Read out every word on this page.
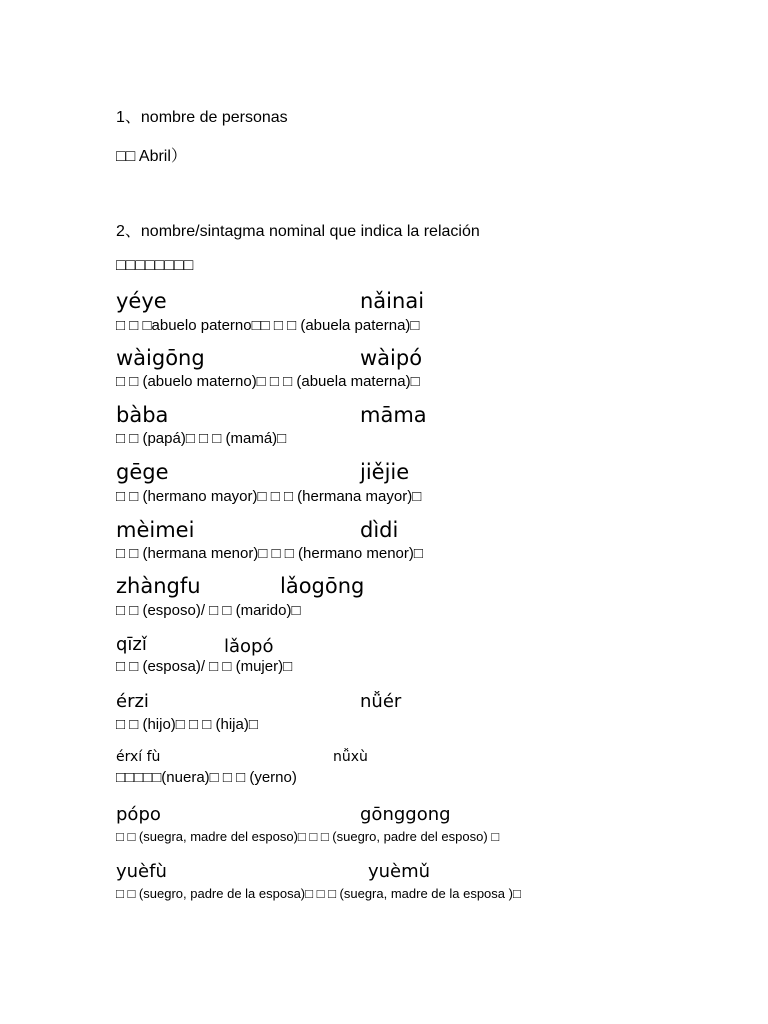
1、nombre de personas
□□ Abril）
2、nombre/sintagma nominal que indica la relación
□□□□□□□□
yéye	nǎinai
□ □ □abuelo paterno□□ □ □ (abuela paterna)□
wàigōng	wàipó
□ □ (abuelo materno)□ □ □ (abuela materna)□
bàba	māma
□ □ (papá)□ □ □ (mamá)□
gēge	jiějie
□ □ (hermano mayor)□ □ □ (hermana mayor)□
mèimei	dìdi
□ □ (hermana menor)□ □ □ (hermano menor)□
zhàngfu	lǎogōng
□ □ (esposo)/ □ □ (marido)□
qīzǐ	lǎopó
□ □ (esposa)/ □ □ (mujer)□
érzi	nǚér
□ □ (hijo)□ □ □ (hija)□
érxí fù	nǚxù
□□□□□(nuera)□ □ □ (yerno)
pópo	gōnggong
□ □ (suegra, madre del esposo)□ □ □ (suegro, padre del esposo) □
yuèfù	yuèmǔ
□ □ (suegro, padre de la esposa)□ □ □ (suegra, madre de la esposa )□
